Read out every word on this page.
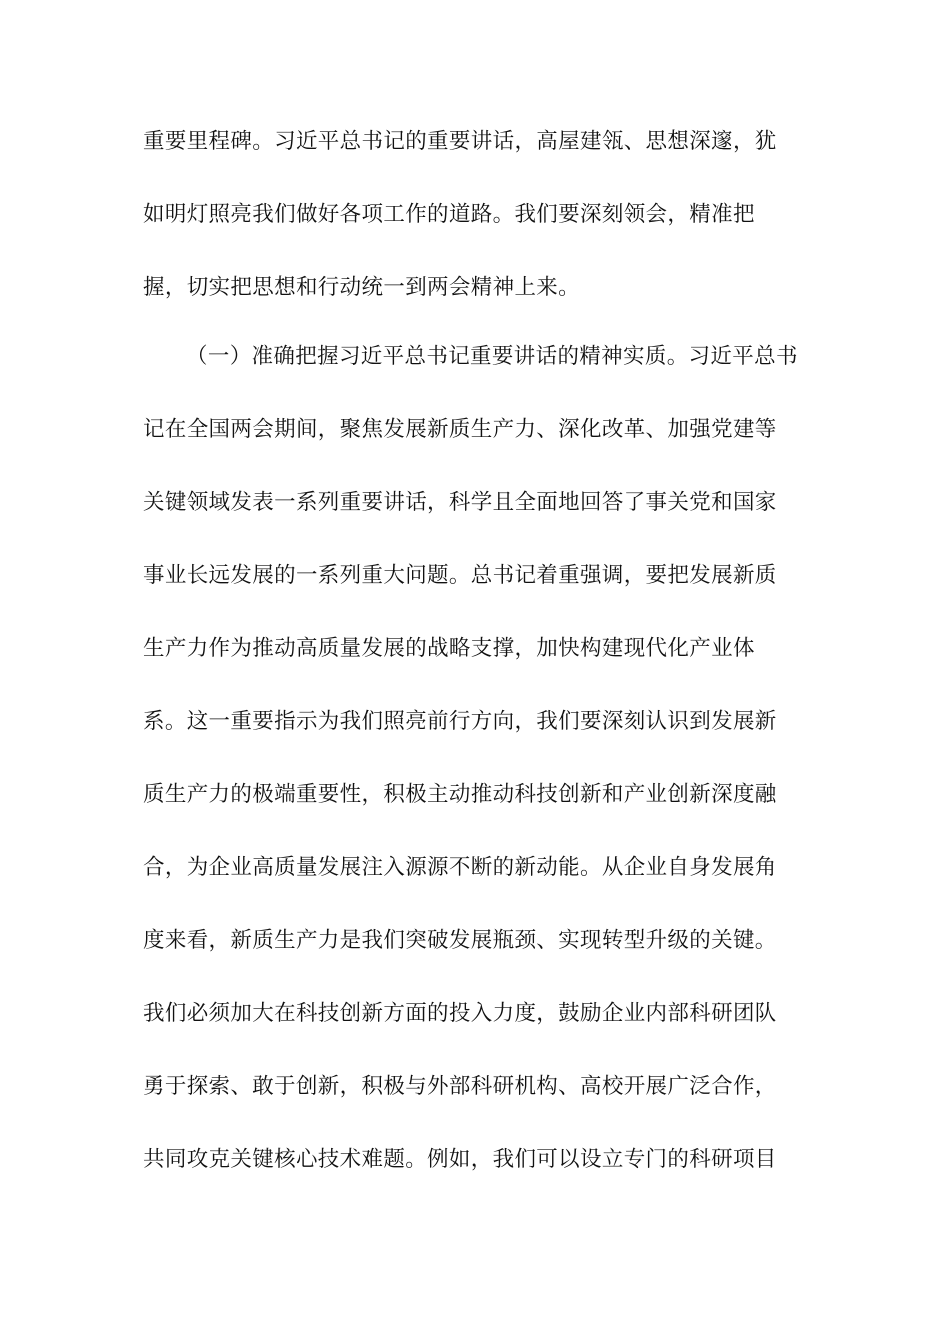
重要里程碑。习近平总书记的重要讲话，高屋建瓴、思想深邃，犹
如明灯照亮我们做好各项工作的道路。我们要深刻领会，精准把
握，切实把思想和行动统一到两会精神上来。
（一）准确把握习近平总书记重要讲话的精神实质。习近平总书
记在全国两会期间，聚焦发展新质生产力、深化改革、加强党建等
关键领域发表一系列重要讲话，科学且全面地回答了事关党和国家
事业长远发展的一系列重大问题。总书记着重强调，要把发展新质
生产力作为推动高质量发展的战略支撑，加快构建现代化产业体
系。这一重要指示为我们照亮前行方向，我们要深刻认识到发展新
质生产力的极端重要性，积极主动推动科技创新和产业创新深度融
合，为企业高质量发展注入源源不断的新动能。从企业自身发展角
度来看，新质生产力是我们突破发展瓶颈、实现转型升级的关键。
我们必须加大在科技创新方面的投入力度，鼓励企业内部科研团队
勇于探索、敢于创新，积极与外部科研机构、高校开展广泛合作，
共同攻克关键核心技术难题。例如，我们可以设立专门的科研项目
